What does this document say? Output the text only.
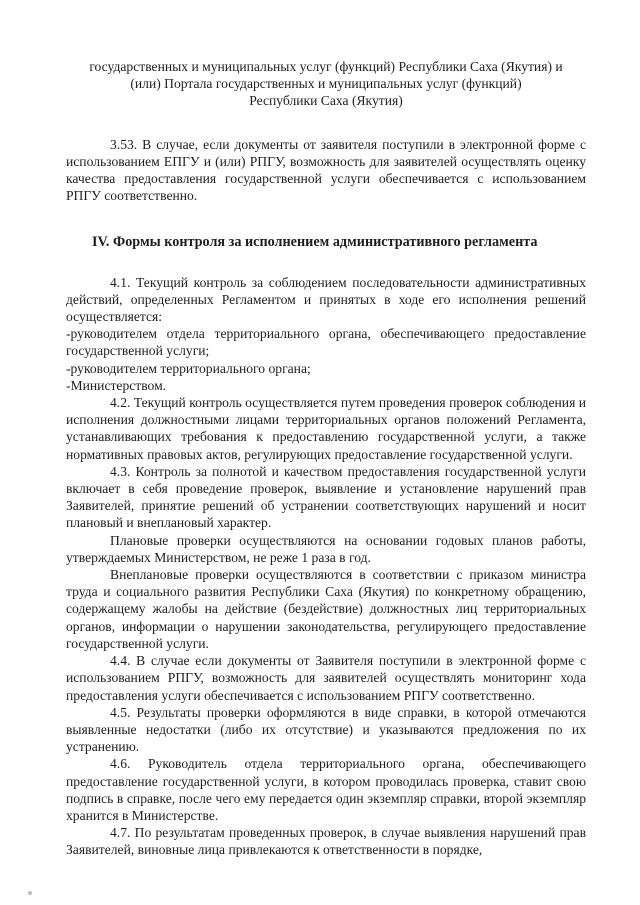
государственных и муниципальных услуг (функций) Республики Саха (Якутия) и
(или) Портала государственных и муниципальных услуг (функций)
Республики Саха (Якутия)

3.53. В случае, если документы от заявителя поступили в электронной форме с использованием ЕПГУ и (или) РПГУ, возможность для заявителей осуществлять оценку качества предоставления государственной услуги обеспечивается с использованием РПГУ соответственно.

IV. Формы контроля за исполнением административного регламента

4.1. Текущий контроль за соблюдением последовательности административных действий, определенных Регламентом и принятых в ходе его исполнения решений осуществляется:

-руководителем отдела территориального органа, обеспечивающего предоставление государственной услуги;

-руководителем территориального органа;

-Министерством.

4.2. Текущий контроль осуществляется путем проведения проверок соблюдения и исполнения должностными лицами территориальных органов положений Регламента, устанавливающих требования к предоставлению государственной услуги, а также нормативных правовых актов, регулирующих предоставление государственной услуги.

4.3. Контроль за полнотой и качеством предоставления государственной услуги включает в себя проведение проверок, выявление и установление нарушений прав Заявителей, принятие решений об устранении соответствующих нарушений и носит плановый и внеплановый характер.

Плановые проверки осуществляются на основании годовых планов работы, утверждаемых Министерством, не реже 1 раза в год.

Внеплановые проверки осуществляются в соответствии с приказом министра труда и социального развития Республики Саха (Якутия) по конкретному обращению, содержащему жалобы на действие (бездействие) должностных лиц территориальных органов, информации о нарушении законодательства, регулирующего предоставление государственной услуги.

4.4. В случае если документы от Заявителя поступили в электронной форме с использованием РПГУ, возможность для заявителей осуществлять мониторинг хода предоставления услуги обеспечивается с использованием РПГУ соответственно.

4.5. Результаты проверки оформляются в виде справки, в которой отмечаются выявленные недостатки (либо их отсутствие) и указываются предложения по их устранению.

4.6. Руководитель отдела территориального органа, обеспечивающего предоставление государственной услуги, в котором проводилась проверка, ставит свою подпись в справке, после чего ему передается один экземпляр справки, второй экземпляр хранится в Министерстве.

4.7. По результатам проведенных проверок, в случае выявления нарушений прав Заявителей, виновные лица привлекаются к ответственности в порядке,
